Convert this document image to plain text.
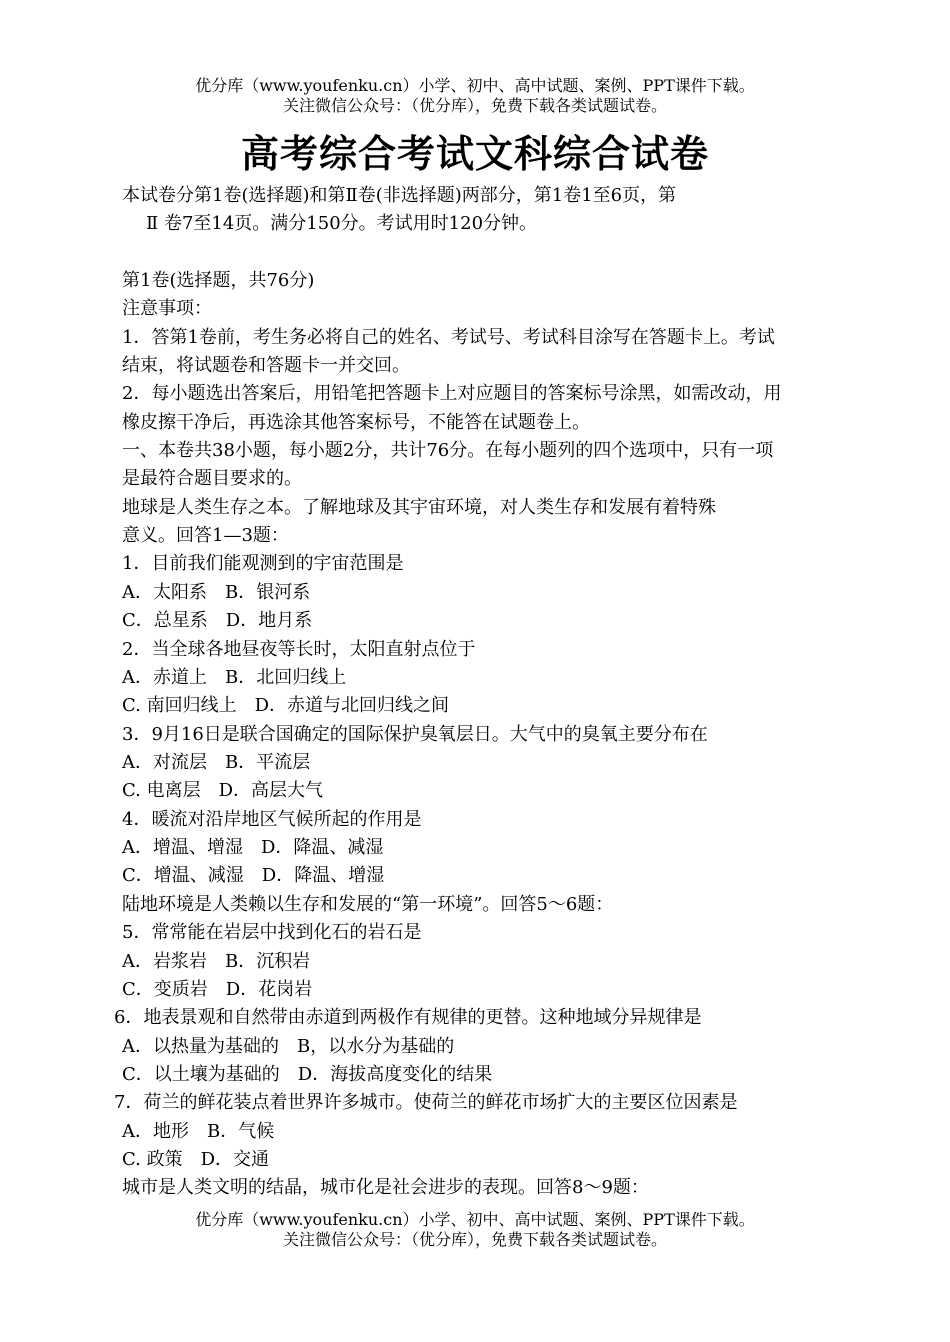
优分库（www.youfenku.cn）小学、初中、高中试题、案例、PPT课件下载。
关注微信公众号：（优分库），免费下载各类试题试卷。
高考综合考试文科综合试卷
本试卷分第1卷(选择题)和第Ⅱ卷(非选择题)两部分，第1卷1至6页，第
Ⅱ 卷7至14页。满分150分。考试用时120分钟。
第1卷(选择题，共76分)
注意事项：
1．答第1卷前，考生务必将自己的姓名、考试号、考试科目涂写在答题卡上。考试
结束，将试题卷和答题卡一并交回。
2．每小题选出答案后，用铅笔把答题卡上对应题目的答案标号涂黑，如需改动，用
橡皮擦干净后，再选涂其他答案标号，不能答在试题卷上。
一、本卷共38小题，每小题2分，共计76分。在每小题列的四个选项中，只有一项
是最符合题目要求的。
地球是人类生存之本。了解地球及其宇宙环境，对人类生存和发展有着特殊
意义。回答1—3题：
1．目前我们能观测到的宇宙范围是
A．太阳系　B．银河系
C．总星系　D．地月系
2．当全球各地昼夜等长时，太阳直射点位于
A．赤道上　B．北回归线上
C. 南回归线上　D．赤道与北回归线之间
3．9月16日是联合国确定的国际保护臭氧层日。大气中的臭氧主要分布在
A．对流层　B．平流层
C. 电离层　D．高层大气
4．暖流对沿岸地区气候所起的作用是
A．增温、增湿　D．降温、减湿
C．增温、减湿　D．降温、增湿
陆地环境是人类赖以生存和发展的“第一环境”。回答5～6题：
5．常常能在岩层中找到化石的岩石是
A．岩浆岩　B．沉积岩
C．变质岩　D．花岗岩
6．地表景观和自然带由赤道到两极作有规律的更替。这种地域分异规律是
A．以热量为基础的　B，以水分为基础的
C．以土壤为基础的　D．海拔高度变化的结果
7．荷兰的鲜花装点着世界许多城市。使荷兰的鲜花市场扩大的主要区位因素是
A．地形　B．气候
C. 政策　D．交通
城市是人类文明的结晶，城市化是社会进步的表现。回答8～9题：
优分库（www.youfenku.cn）小学、初中、高中试题、案例、PPT课件下载。
关注微信公众号：（优分库），免费下载各类试题试卷。
